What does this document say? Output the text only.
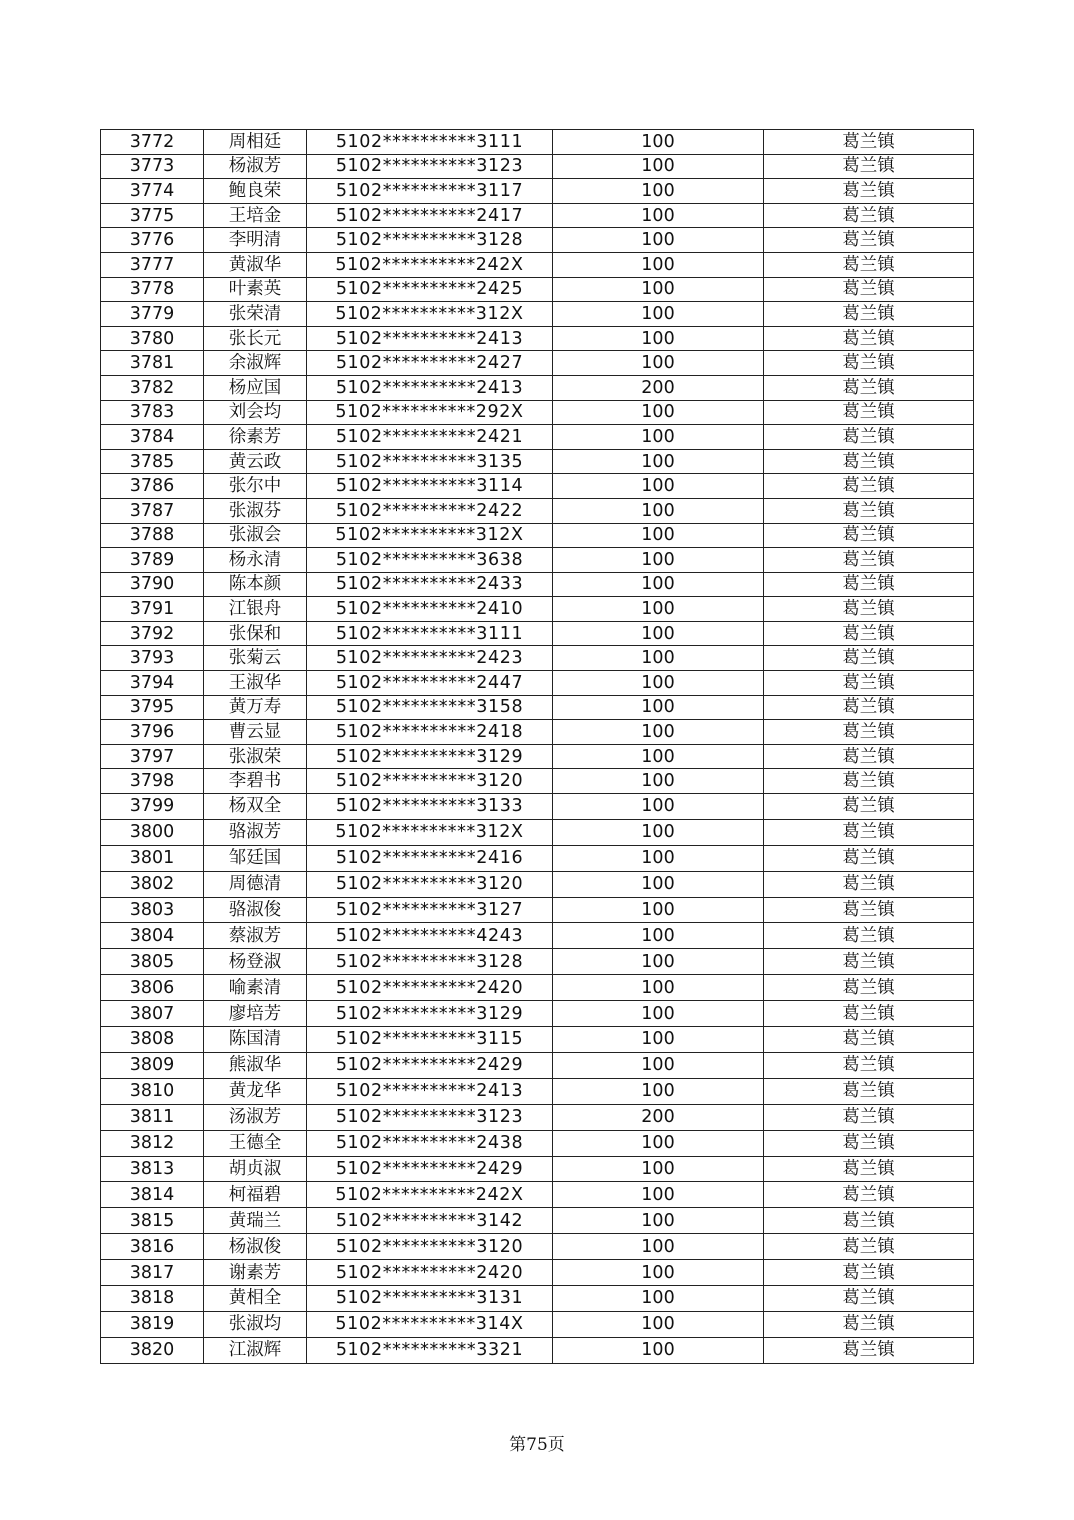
3772	周相廷	5102**********3111	100	葛兰镇
3773	杨淑芳	5102**********3123	100	葛兰镇
3774	鲍良荣	5102**********3117	100	葛兰镇
3775	王培金	5102**********2417	100	葛兰镇
3776	李明清	5102**********3128	100	葛兰镇
3777	黄淑华	5102**********242X	100	葛兰镇
3778	叶素英	5102**********2425	100	葛兰镇
3779	张荣清	5102**********312X	100	葛兰镇
3780	张长元	5102**********2413	100	葛兰镇
3781	余淑辉	5102**********2427	100	葛兰镇
3782	杨应国	5102**********2413	200	葛兰镇
3783	刘会均	5102**********292X	100	葛兰镇
3784	徐素芳	5102**********2421	100	葛兰镇
3785	黄云政	5102**********3135	100	葛兰镇
3786	张尔中	5102**********3114	100	葛兰镇
3787	张淑芬	5102**********2422	100	葛兰镇
3788	张淑会	5102**********312X	100	葛兰镇
3789	杨永清	5102**********3638	100	葛兰镇
3790	陈本颜	5102**********2433	100	葛兰镇
3791	江银舟	5102**********2410	100	葛兰镇
3792	张保和	5102**********3111	100	葛兰镇
3793	张菊云	5102**********2423	100	葛兰镇
3794	王淑华	5102**********2447	100	葛兰镇
3795	黄万寿	5102**********3158	100	葛兰镇
3796	曹云显	5102**********2418	100	葛兰镇
3797	张淑荣	5102**********3129	100	葛兰镇
3798	李碧书	5102**********3120	100	葛兰镇
3799	杨双全	5102**********3133	100	葛兰镇
3800	骆淑芳	5102**********312X	100	葛兰镇
3801	邹廷国	5102**********2416	100	葛兰镇
3802	周德清	5102**********3120	100	葛兰镇
3803	骆淑俊	5102**********3127	100	葛兰镇
3804	蔡淑芳	5102**********4243	100	葛兰镇
3805	杨登淑	5102**********3128	100	葛兰镇
3806	喻素清	5102**********2420	100	葛兰镇
3807	廖培芳	5102**********3129	100	葛兰镇
3808	陈国清	5102**********3115	100	葛兰镇
3809	熊淑华	5102**********2429	100	葛兰镇
3810	黄龙华	5102**********2413	100	葛兰镇
3811	汤淑芳	5102**********3123	200	葛兰镇
3812	王德全	5102**********2438	100	葛兰镇
3813	胡贞淑	5102**********2429	100	葛兰镇
3814	柯福碧	5102**********242X	100	葛兰镇
3815	黄瑞兰	5102**********3142	100	葛兰镇
3816	杨淑俊	5102**********3120	100	葛兰镇
3817	谢素芳	5102**********2420	100	葛兰镇
3818	黄相全	5102**********3131	100	葛兰镇
3819	张淑均	5102**********314X	100	葛兰镇
3820	江淑辉	5102**********3321	100	葛兰镇
第75页
